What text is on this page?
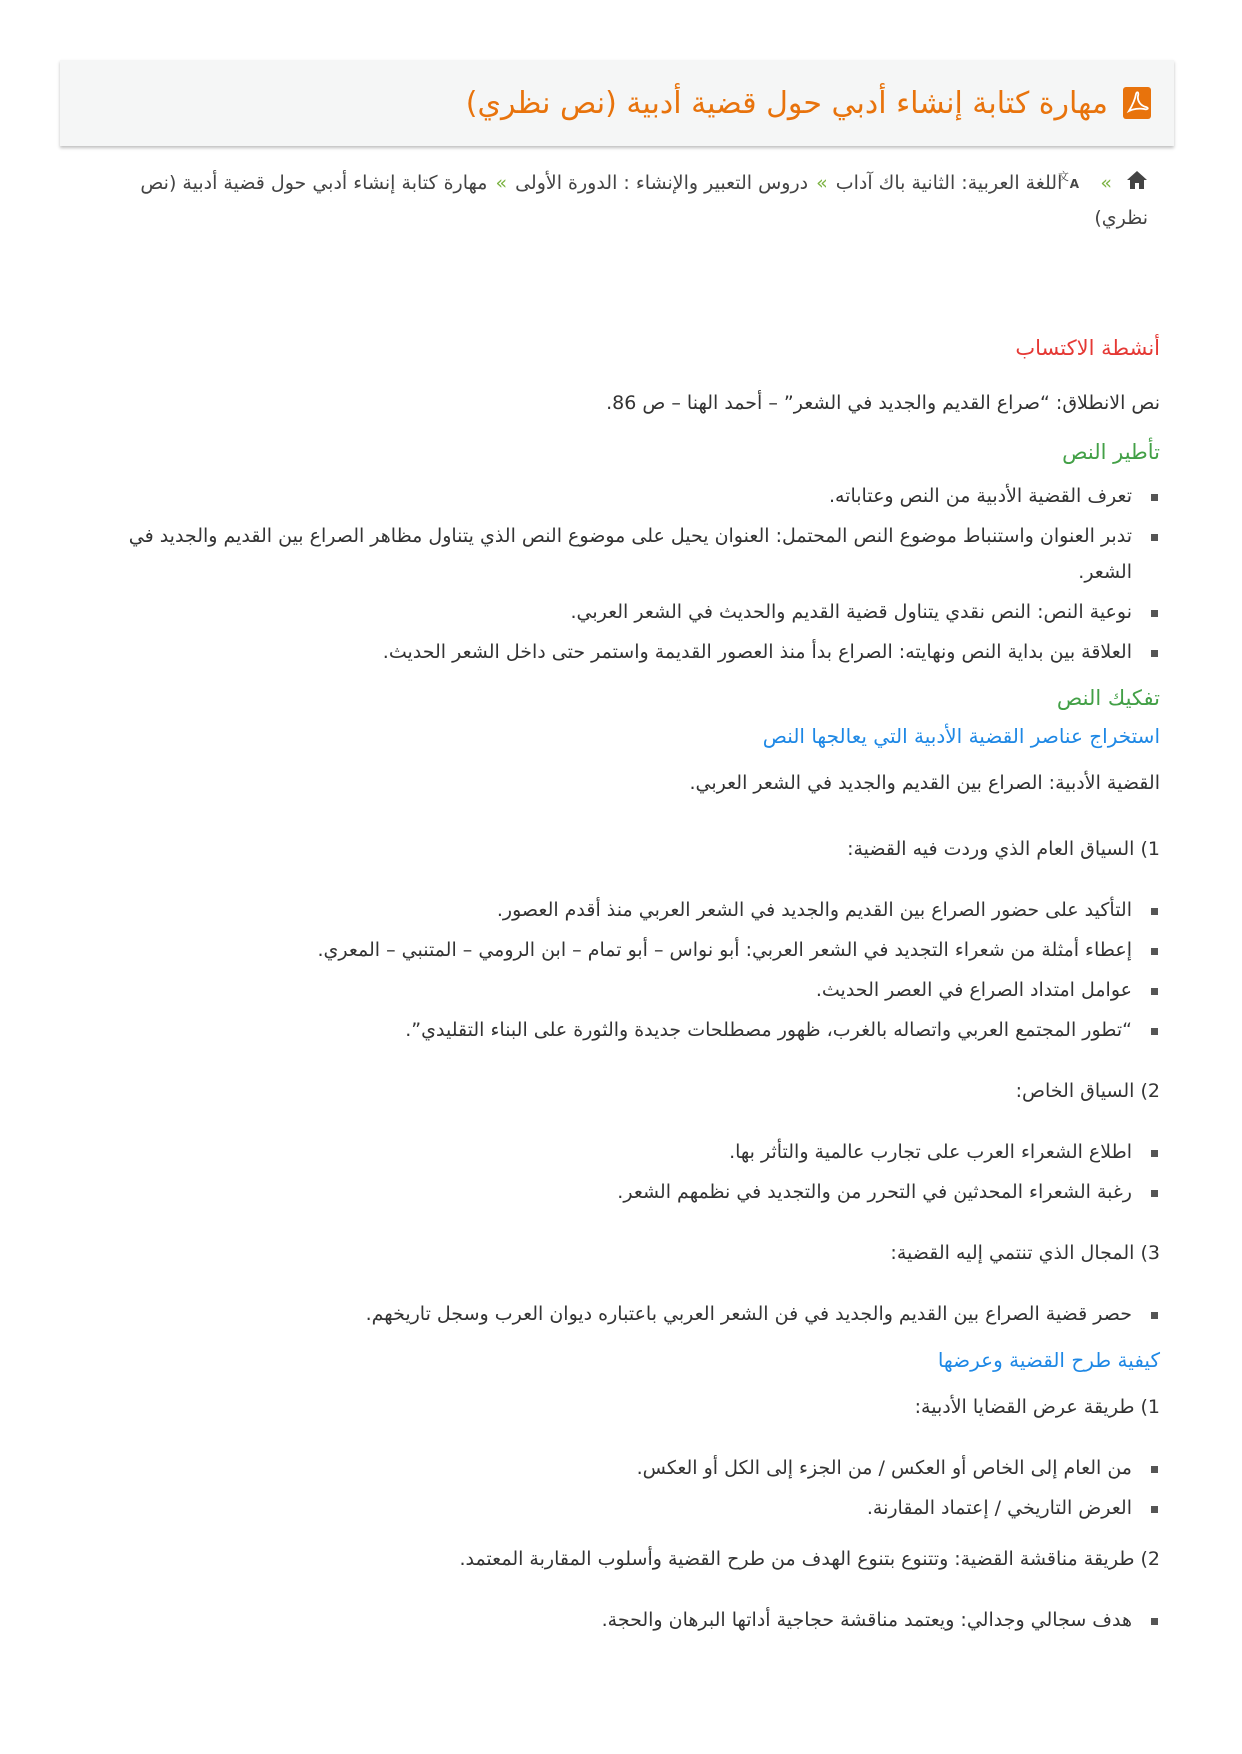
مهارة كتابة إنشاء أدبي حول قضية أدبية (نص نظري)
»
文
A
اللغة العربية: الثانية باك آداب»دروس التعبير والإنشاء : الدورة الأولى»مهارة كتابة إنشاء أدبي حول قضية أدبية (نص نظري)
أنشطة الاكتساب

نص الانطلاق: “صراع القديم والجديد في الشعر” – أحمد الهنا – ص 86.

تأطير النص
تعرف القضية الأدبية من النص وعتاباته.
تدبر العنوان واستنباط موضوع النص المحتمل: العنوان يحيل على موضوع النص الذي يتناول مظاهر الصراع بين القديم والجديد في الشعر.
نوعية النص: النص نقدي يتناول قضية القديم والحديث في الشعر العربي.
العلاقة بين بداية النص ونهايته: الصراع بدأ منذ العصور القديمة واستمر حتى داخل الشعر الحديث.
تفكيك النص
استخراج عناصر القضية الأدبية التي يعالجها النص

القضية الأدبية: الصراع بين القديم والجديد في الشعر العربي.

1) السياق العام الذي وردت فيه القضية:

التأكيد على حضور الصراع بين القديم والجديد في الشعر العربي منذ أقدم العصور.
إعطاء أمثلة من شعراء التجديد في الشعر العربي: أبو نواس – أبو تمام – ابن الرومي – المتنبي – المعري.
عوامل امتداد الصراع في العصر الحديث.
“تطور المجتمع العربي واتصاله بالغرب، ظهور مصطلحات جديدة والثورة على البناء التقليدي”.

2) السياق الخاص:

اطلاع الشعراء العرب على تجارب عالمية والتأثر بها.
رغبة الشعراء المحدثين في التحرر من والتجديد في نظمهم الشعر.

3) المجال الذي تنتمي إليه القضية:

حصر قضية الصراع بين القديم والجديد في فن الشعر العربي باعتباره ديوان العرب وسجل تاريخهم.
كيفية طرح القضية وعرضها

1) طريقة عرض القضايا الأدبية:

من العام إلى الخاص أو العكس / من الجزء إلى الكل أو العكس.
العرض التاريخي / إعتماد المقارنة.

2) طريقة مناقشة القضية: وتتنوع بتنوع الهدف من طرح القضية وأسلوب المقاربة المعتمد.

هدف سجالي وجدالي: ويعتمد مناقشة حجاجية أداتها البرهان والحجة.
